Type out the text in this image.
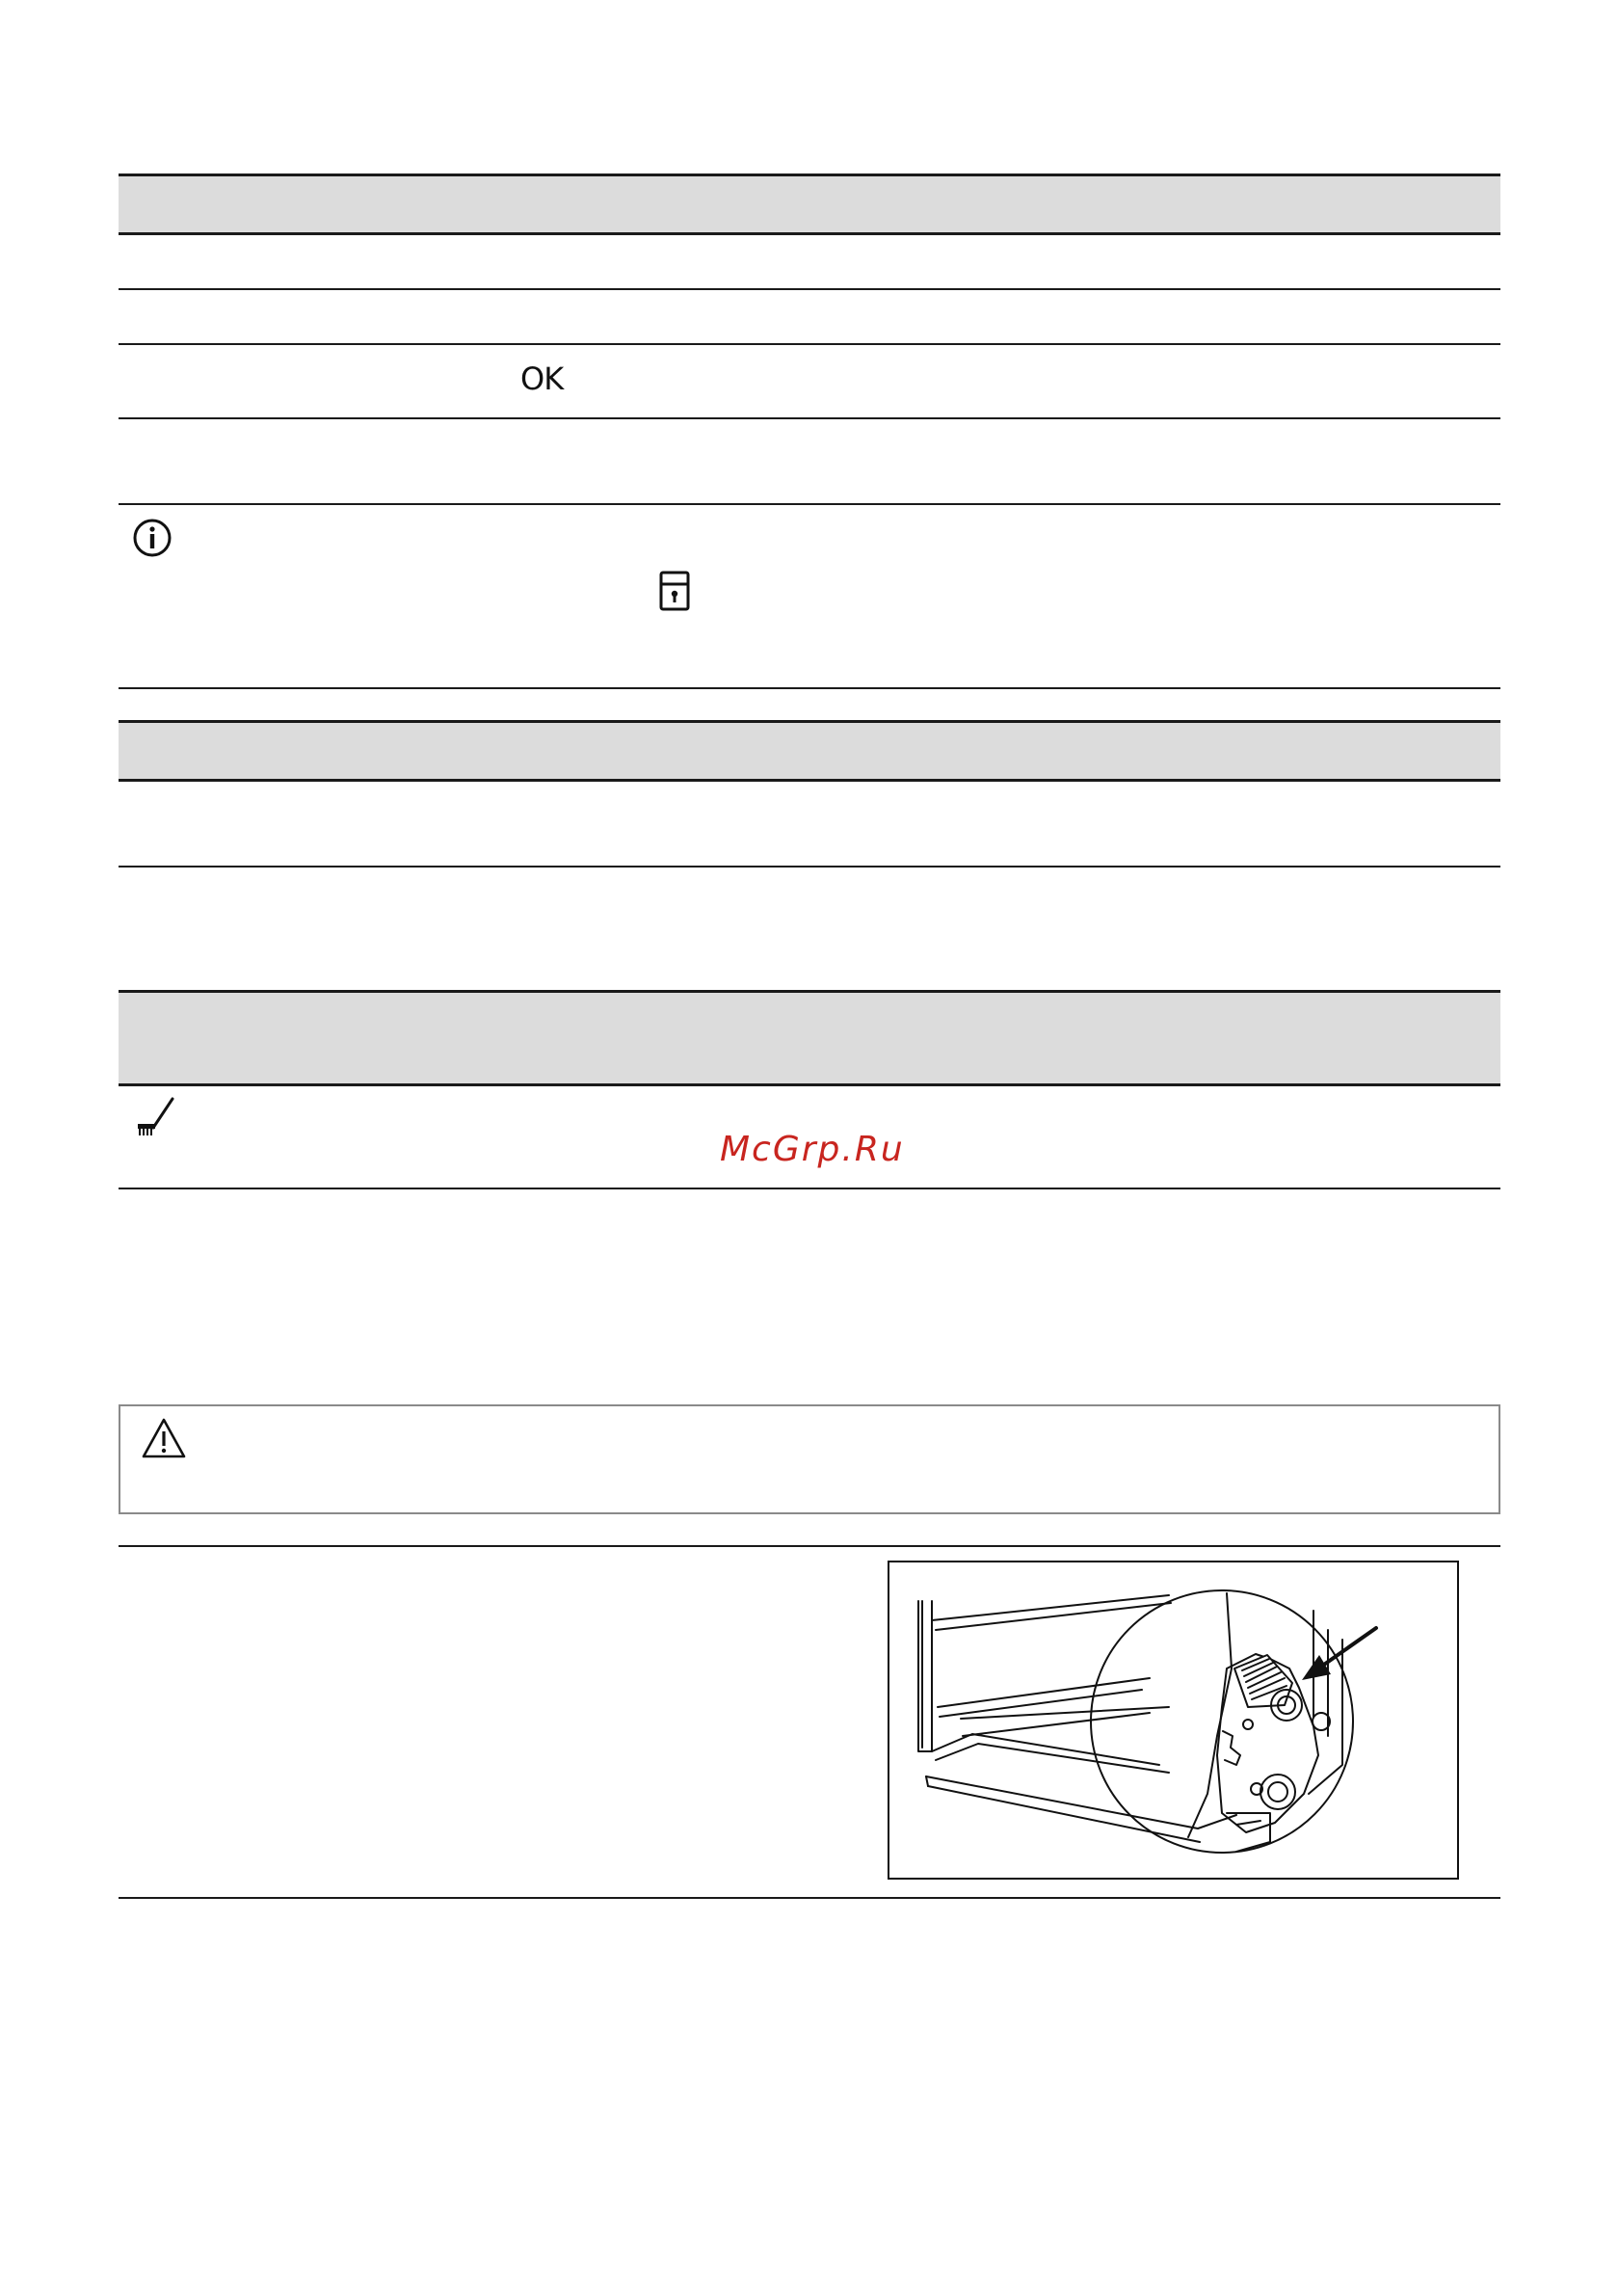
OK
McGrp.Ru
